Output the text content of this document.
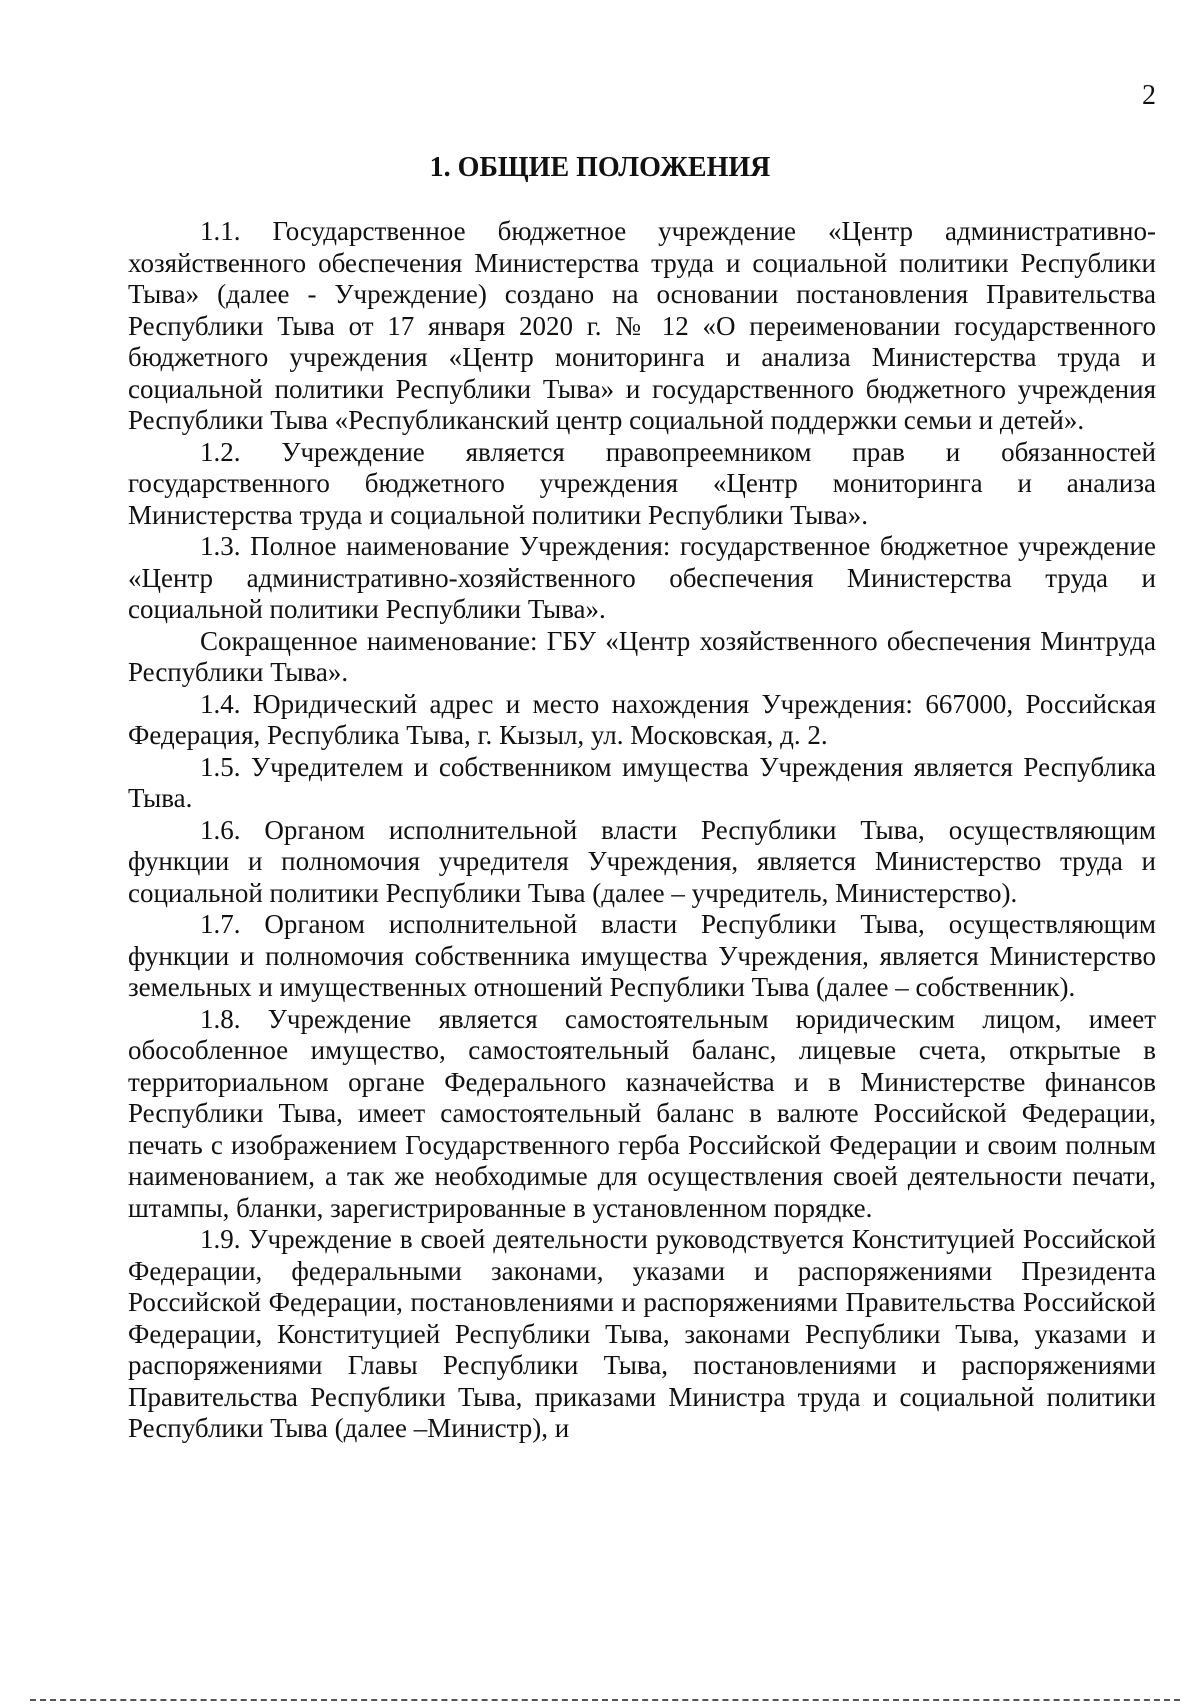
2
1. ОБЩИЕ ПОЛОЖЕНИЯ

1.1. Государственное бюджетное учреждение «Центр административно-хозяйственного обеспечения Министерства труда и социальной политики Республики Тыва» (далее - Учреждение) создано на основании постановления Правительства Республики Тыва от 17 января 2020 г. № 12 «О переименовании государственного бюджетного учреждения «Центр мониторинга и анализа Министерства труда и социальной политики Республики Тыва» и государственного бюджетного учреждения Республики Тыва «Республиканский центр социальной поддержки семьи и детей».

1.2. Учреждение является правопреемником прав и обязанностей государственного бюджетного учреждения «Центр мониторинга и анализа Министерства труда и социальной политики Республики Тыва».

1.3. Полное наименование Учреждения: государственное бюджетное учреждение «Центр административно-хозяйственного обеспечения Министерства труда и социальной политики Республики Тыва».

Сокращенное наименование: ГБУ «Центр хозяйственного обеспечения Минтруда Республики Тыва».

1.4. Юридический адрес и место нахождения Учреждения: 667000, Российская Федерация, Республика Тыва, г. Кызыл, ул. Московская, д. 2.

1.5. Учредителем и собственником имущества Учреждения является Республика Тыва.

1.6. Органом исполнительной власти Республики Тыва, осуществляющим функции и полномочия учредителя Учреждения, является Министерство труда и социальной политики Республики Тыва (далее – учредитель, Министерство).

1.7. Органом исполнительной власти Республики Тыва, осуществляющим функции и полномочия собственника имущества Учреждения, является Министерство земельных и имущественных отношений Республики Тыва (далее – собственник).

1.8. Учреждение является самостоятельным юридическим лицом, имеет обособленное имущество, самостоятельный баланс, лицевые счета, открытые в территориальном органе Федерального казначейства и в Министерстве финансов Республики Тыва, имеет самостоятельный баланс в валюте Российской Федерации, печать с изображением Государственного герба Российской Федерации и своим полным наименованием, а так же необходимые для осуществления своей деятельности печати, штампы, бланки, зарегистрированные в установленном порядке.

1.9. Учреждение в своей деятельности руководствуется Конституцией Российской Федерации, федеральными законами, указами и распоряжениями Президента Российской Федерации, постановлениями и распоряжениями Правительства Российской Федерации, Конституцией Республики Тыва, законами Республики Тыва, указами и распоряжениями Главы Республики Тыва, постановлениями и распоряжениями Правительства Республики Тыва, приказами Министра труда и социальной политики Республики Тыва (далее –Министр), и
